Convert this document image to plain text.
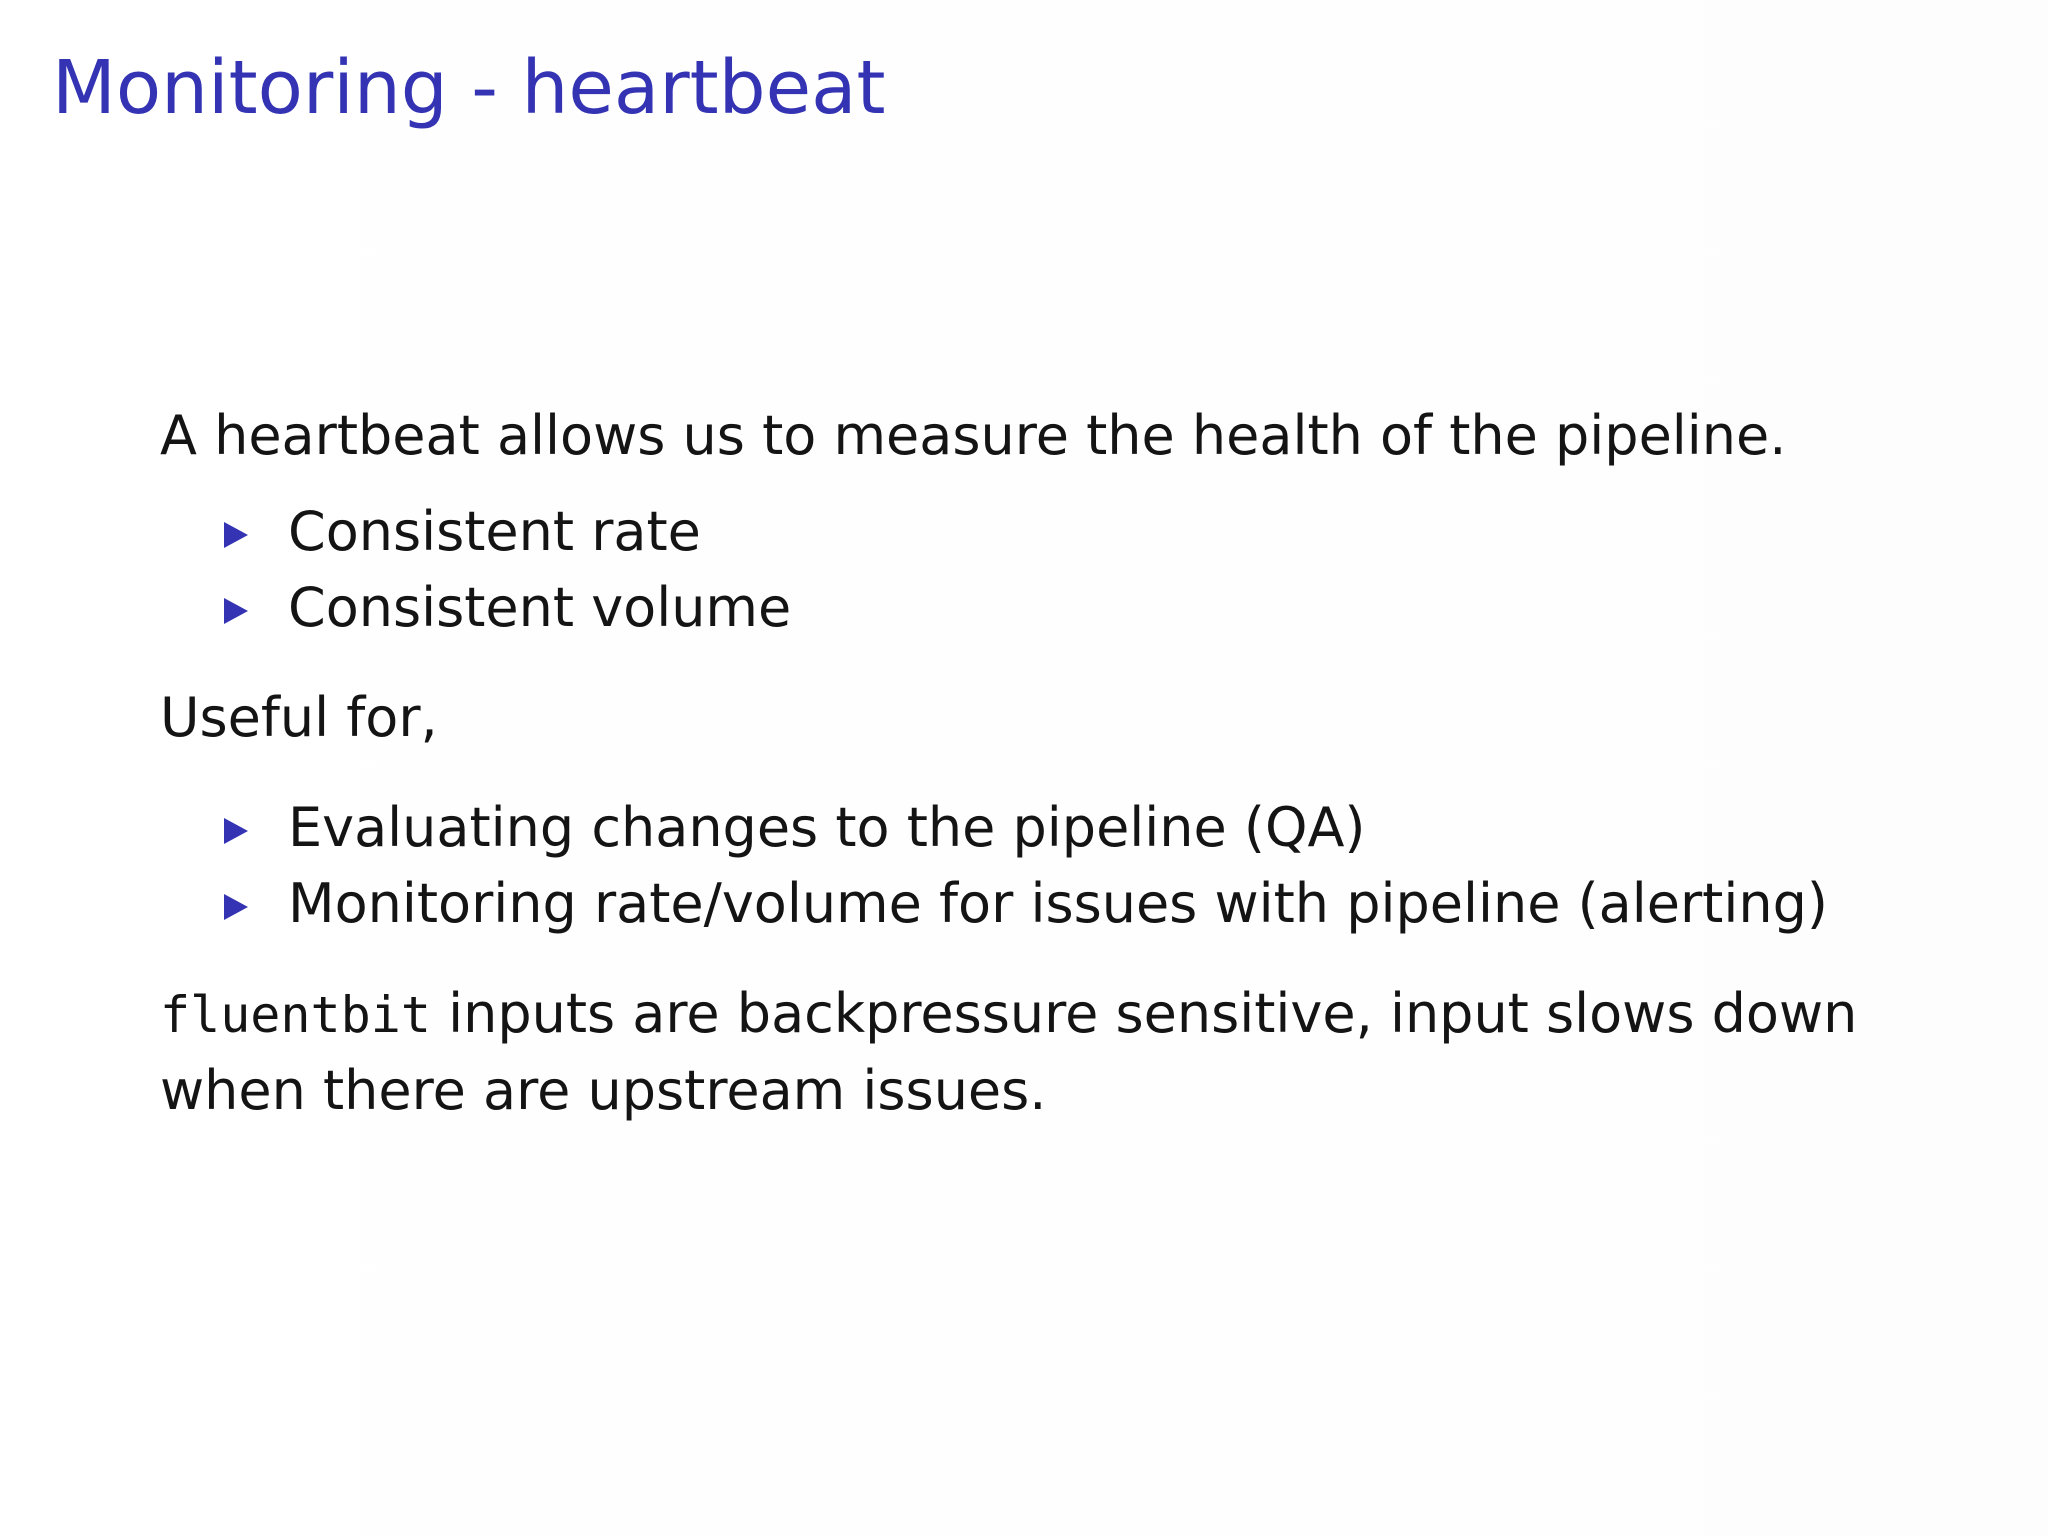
Monitoring - heartbeat

A heartbeat allows us to measure the health of the pipeline.

Consistent rate
Consistent volume

Useful for,

Evaluating changes to the pipeline (QA)
Monitoring rate/volume for issues with pipeline (alerting)

fluentbit inputs are backpressure sensitive, input slows down when there are upstream issues.
